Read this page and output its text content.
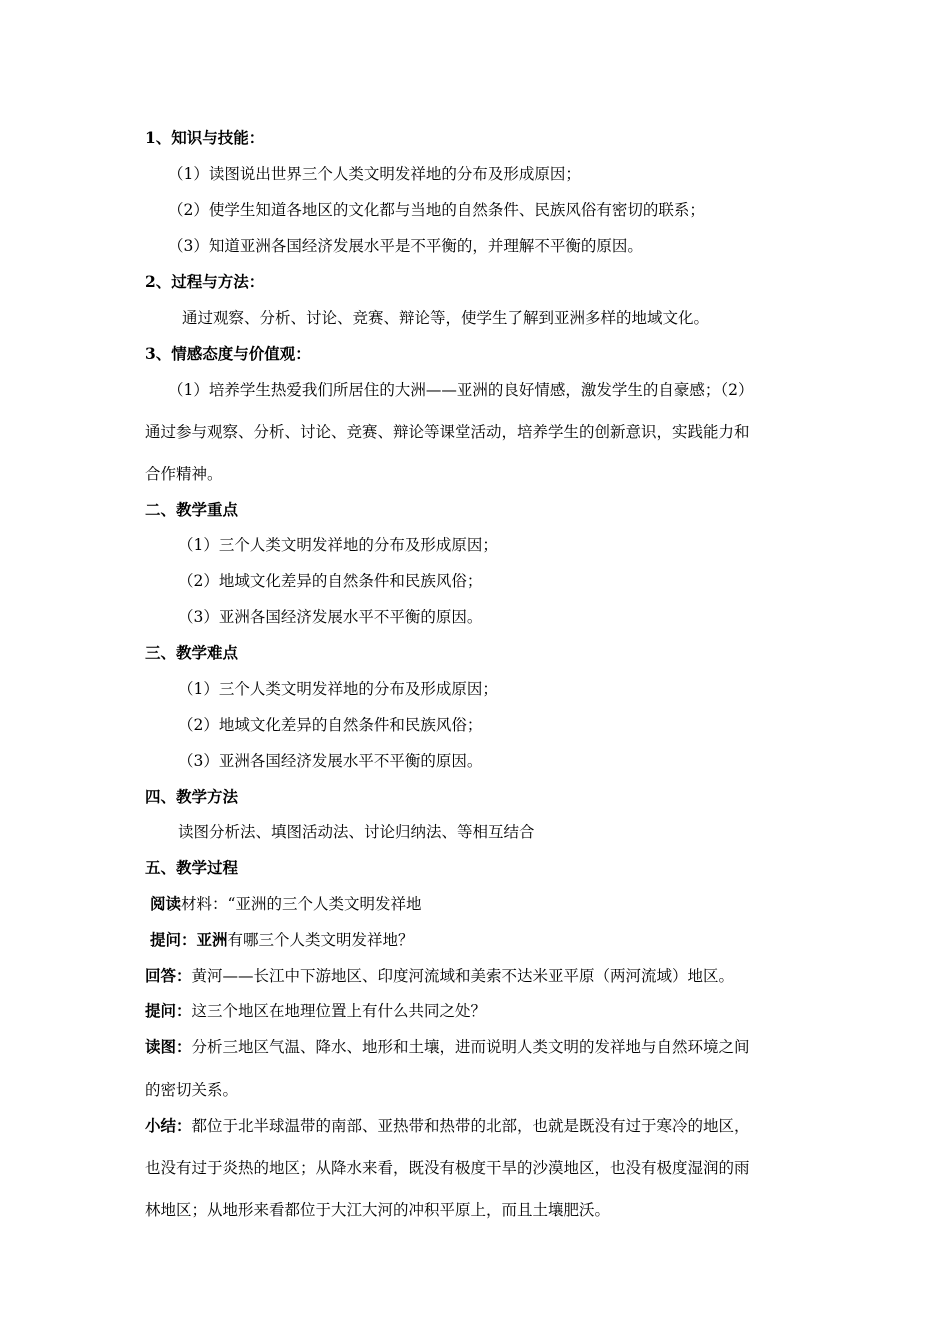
1、知识与技能：
（1）读图说出世界三个人类文明发祥地的分布及形成原因；
（2）使学生知道各地区的文化都与当地的自然条件、民族风俗有密切的联系；
（3）知道亚洲各国经济发展水平是不平衡的，并理解不平衡的原因。
2、过程与方法：
通过观察、分析、讨论、竞赛、辩论等，使学生了解到亚洲多样的地域文化。
3、情感态度与价值观：
（1）培养学生热爱我们所居住的大洲——亚洲的良好情感，激发学生的自豪感；（2）
通过参与观察、分析、讨论、竞赛、辩论等课堂活动，培养学生的创新意识，实践能力和
合作精神。
二、教学重点
（1）三个人类文明发祥地的分布及形成原因；
（2）地域文化差异的自然条件和民族风俗；
（3）亚洲各国经济发展水平不平衡的原因。
三、教学难点
（1）三个人类文明发祥地的分布及形成原因；
（2）地域文化差异的自然条件和民族风俗；
（3）亚洲各国经济发展水平不平衡的原因。
四、教学方法
读图分析法、填图活动法、讨论归纳法、等相互结合
五、教学过程
阅读材料：“亚洲的三个人类文明发祥地
提问：亚洲有哪三个人类文明发祥地？
回答：黄河——长江中下游地区、印度河流域和美索不达米亚平原（两河流域）地区。
提问：这三个地区在地理位置上有什么共同之处？
读图：分析三地区气温、降水、地形和土壤，进而说明人类文明的发祥地与自然环境之间
的密切关系。
小结：都位于北半球温带的南部、亚热带和热带的北部，也就是既没有过于寒冷的地区，
也没有过于炎热的地区；从降水来看，既没有极度干旱的沙漠地区，也没有极度湿润的雨
林地区；从地形来看都位于大江大河的冲积平原上，而且土壤肥沃。
